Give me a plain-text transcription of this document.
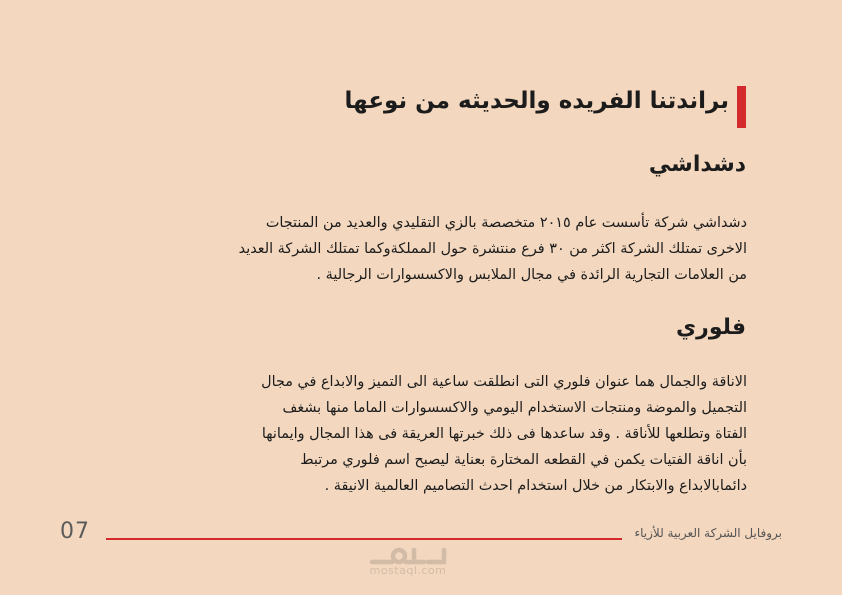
براندتنا الفريده والحديثه من نوعها
دشداشي
دشداشي شركة تأسست عام ٢٠١٥ متخصصة بالزي التقليدي والعديد من المنتجات
الاخرى تمتلك الشركة اكثر من ٣٠ فرع منتشرة حول المملكةوكما تمتلك الشركة العديد
من العلامات التجارية الرائدة في مجال الملابس والاكسسوارات الرجالية .
فلوري
الاناقة والجمال هما عنوان فلوري التى انطلقت ساعية الى التميز والابداع في مجال
التجميل والموضة ومنتجات الاستخدام اليومي والاكسسوارات الماما منها بشغف
الفتاة وتطلعها للأناقة . وقد ساعدها فى ذلك خبرتها العريقة فى هذا المجال وايمانها
بأن اناقة الفتيات يكمن في القطعه المختارة بعناية ليصبح اسم فلوري مرتبط
دائمابالابداع والابتكار من خلال استخدام احدث التصاميم العالمية الانيقة .
07	بروفايل الشركة العربية للأزياء
mostaql.com
